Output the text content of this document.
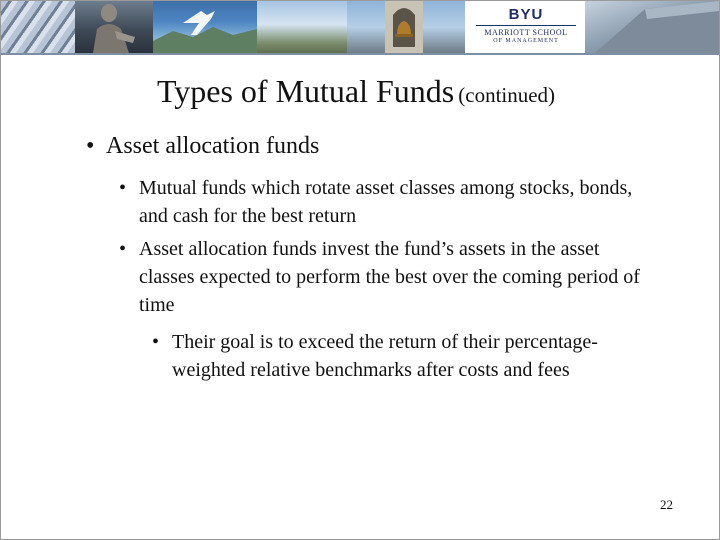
BYU
MARRIOTT SCHOOL
OF MANAGEMENT
Types of Mutual Funds (continued)

• Asset allocation funds

• Mutual funds which rotate asset classes among stocks, bonds, and cash for the best return

• Asset allocation funds invest the fund’s assets in the asset classes expected to perform the best over the coming period of time

• Their goal is to exceed the return of their percentage-weighted relative benchmarks after costs and fees

22
